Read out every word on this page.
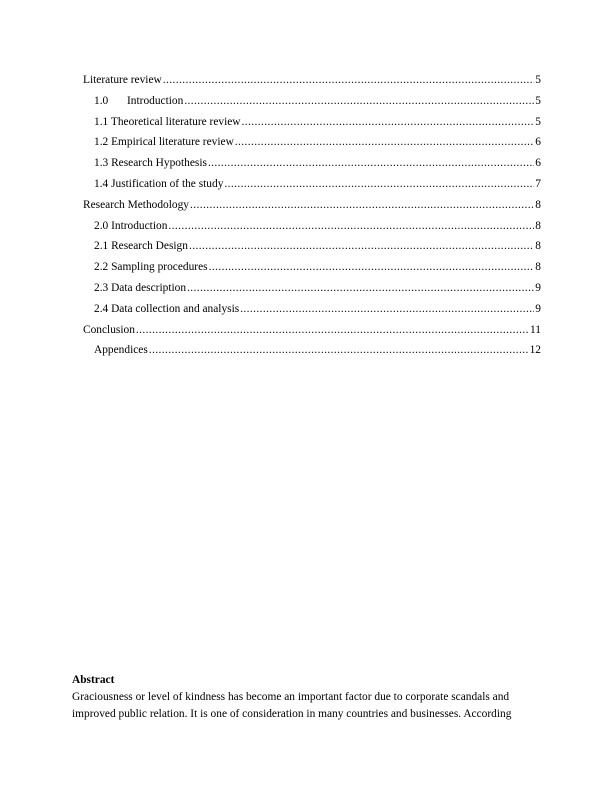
Literature review .....	5
1.0	Introduction .....	5
1.1 Theoretical literature review .....	5
1.2 Empirical literature review .....	6
1.3 Research Hypothesis .....	6
1.4 Justification of the study .....	7
Research Methodology .....	8
2.0 Introduction .....	8
2.1 Research Design .....	8
2.2 Sampling procedures .....	8
2.3 Data description .....	9
2.4 Data collection and analysis .....	9
Conclusion .....	11
Appendices .....	12
Abstract

Graciousness or level of kindness has become an important factor due to corporate scandals and

improved public relation. It is one of consideration in many countries and businesses. According
